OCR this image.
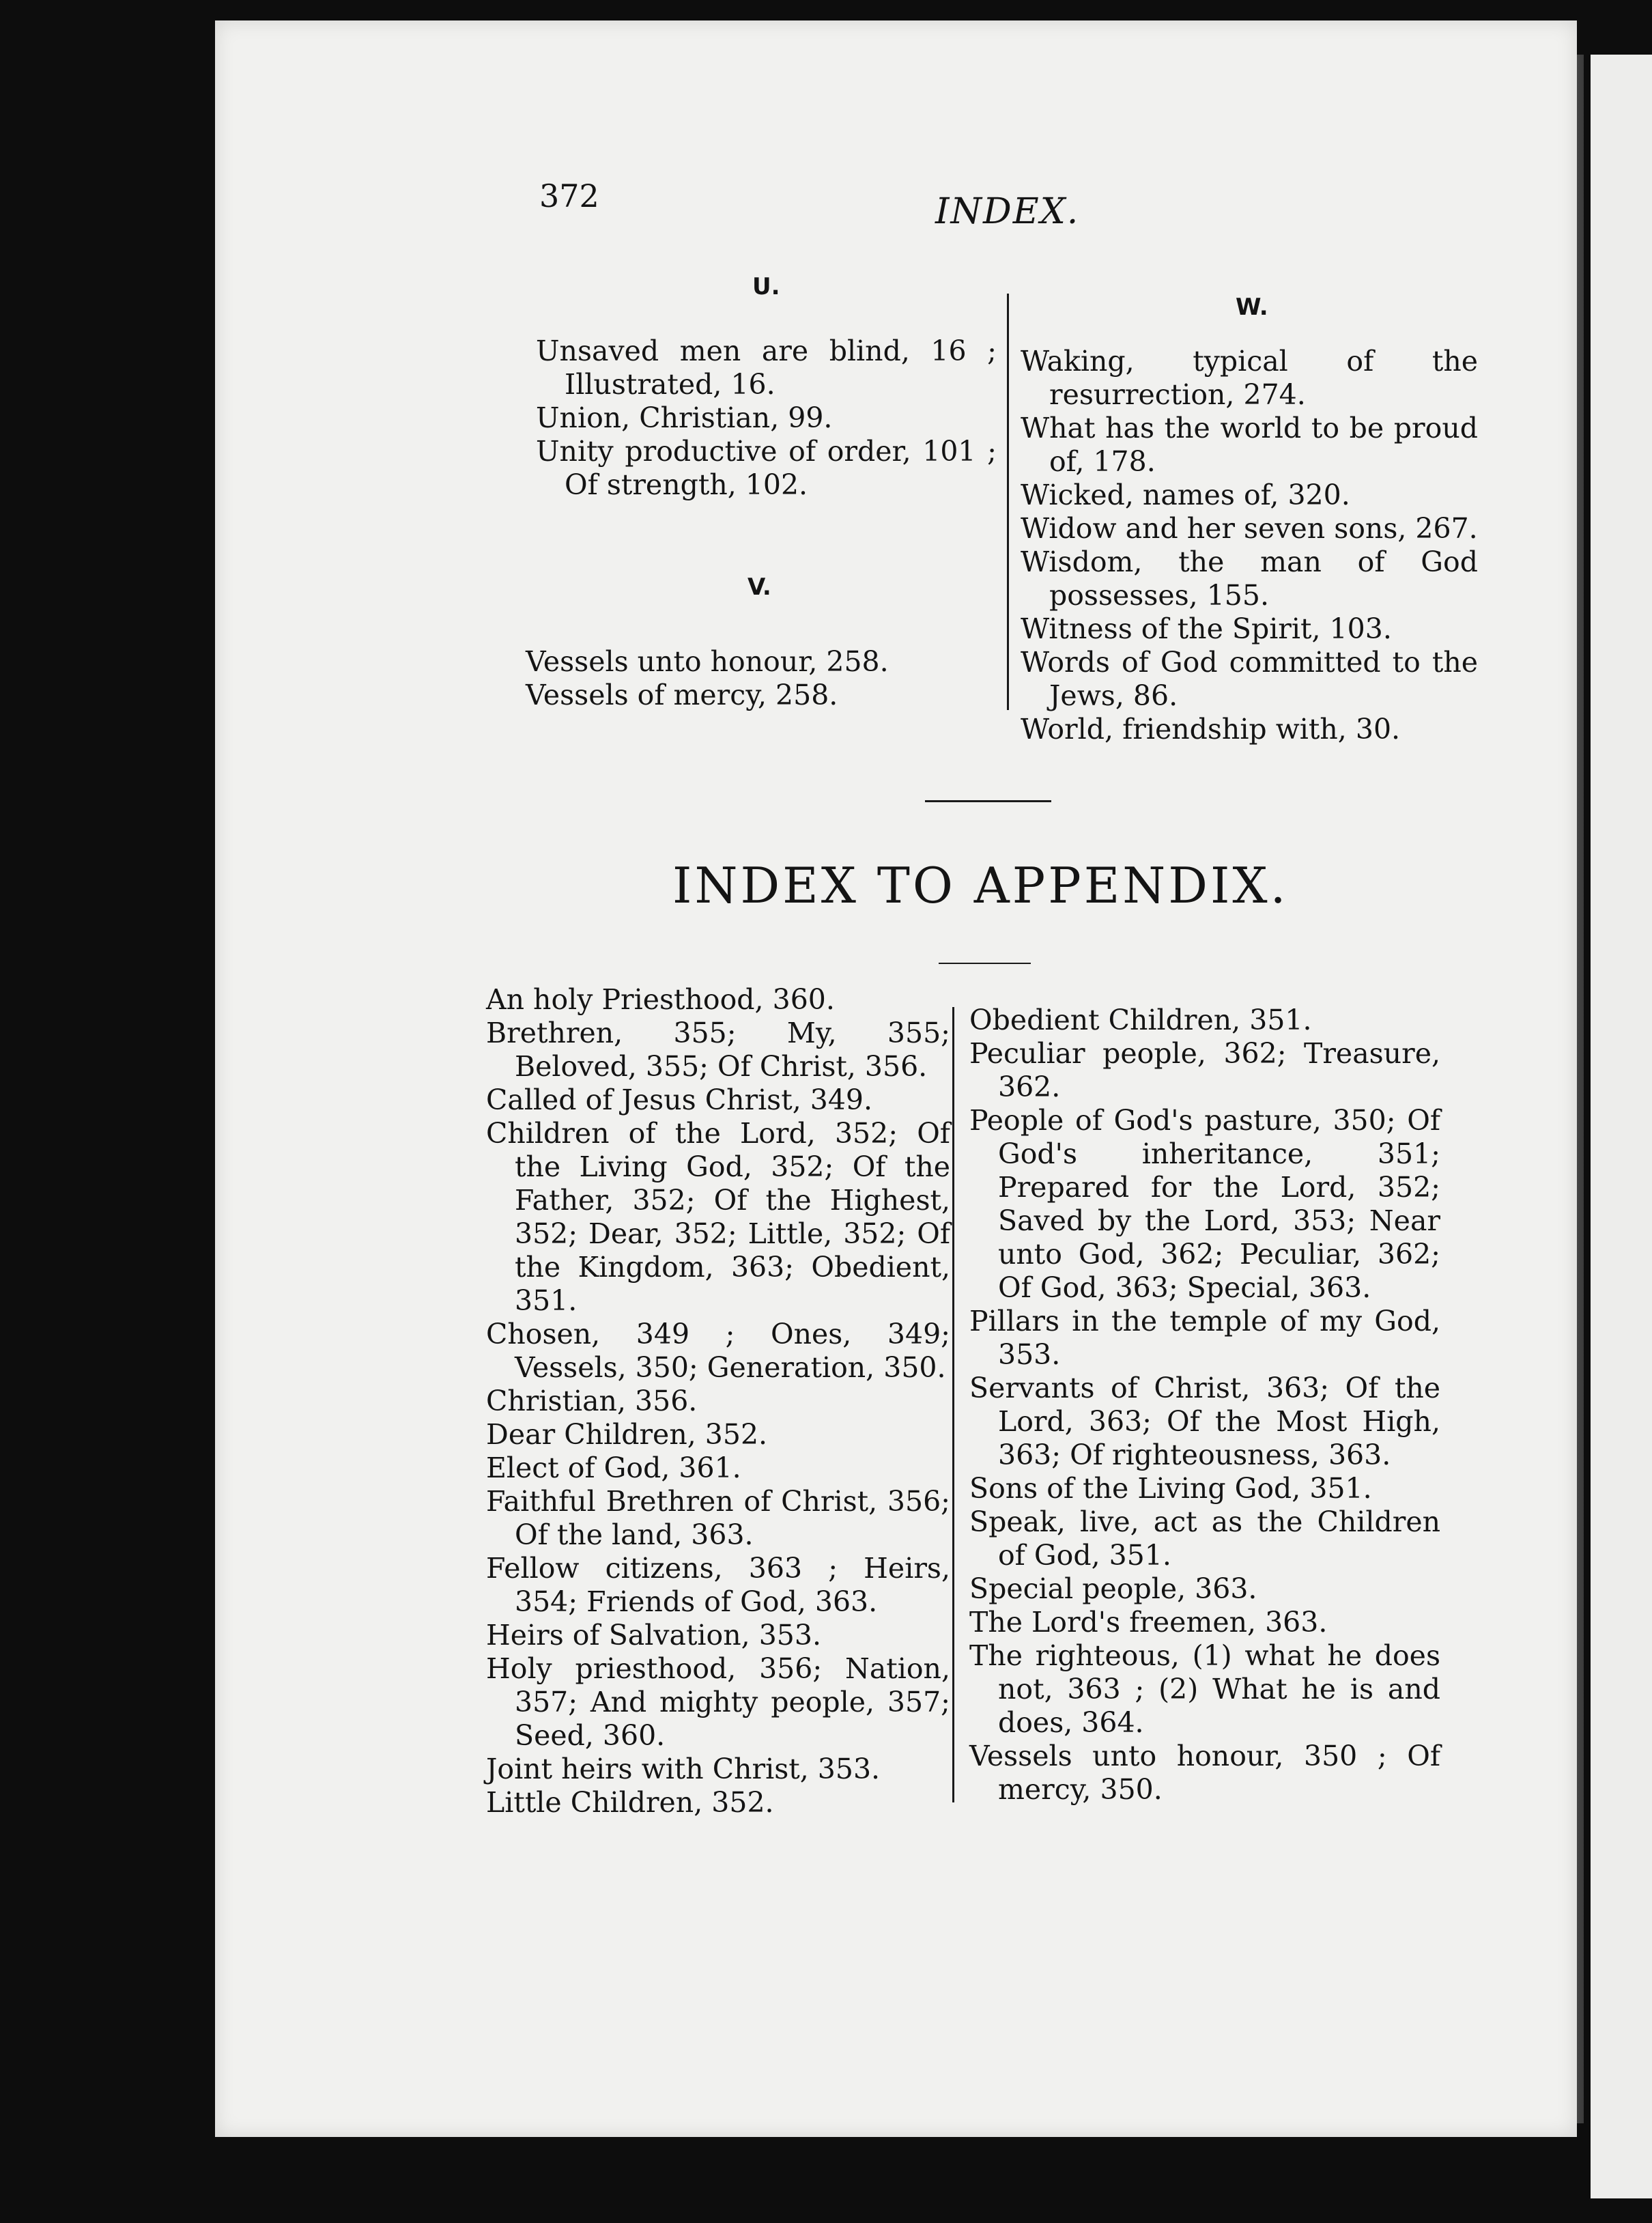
372	INDEX.
U.

Unsaved men are blind, 16 ; Illustrated, 16.

Union, Christian, 99.

Unity productive of order, 101 ; Of strength, 102.

V.

Vessels unto honour, 258.

Vessels of mercy, 258.

W.

Waking, typical of the resurrection, 274.

What has the world to be proud of, 178.

Wicked, names of, 320.

Widow and her seven sons, 267.

Wisdom, the man of God possesses, 155.

Witness of the Spirit, 103.

Words of God committed to the Jews, 86.

World, friendship with, 30.

INDEX TO APPENDIX.

An holy Priesthood, 360.

Brethren, 355; My, 355; Beloved, 355; Of Christ, 356.

Called of Jesus Christ, 349.

Children of the Lord, 352; Of the Living God, 352; Of the Father, 352; Of the Highest, 352; Dear, 352; Little, 352; Of the Kingdom, 363; Obedient, 351.

Chosen, 349 ; Ones, 349; Vessels, 350; Generation, 350.

Christian, 356.

Dear Children, 352.

Elect of God, 361.

Faithful Brethren of Christ, 356; Of the land, 363.

Fellow citizens, 363 ; Heirs, 354; Friends of God, 363.

Heirs of Salvation, 353.

Holy priesthood, 356; Nation, 357; And mighty people, 357; Seed, 360.

Joint heirs with Christ, 353.

Little Children, 352.

Obedient Children, 351.

Peculiar people, 362; Treasure, 362.

People of God's pasture, 350; Of God's inheritance, 351; Prepared for the Lord, 352; Saved by the Lord, 353; Near unto God, 362; Peculiar, 362; Of God, 363; Special, 363.

Pillars in the temple of my God, 353.

Servants of Christ, 363; Of the Lord, 363; Of the Most High, 363; Of righteousness, 363.

Sons of the Living God, 351.

Speak, live, act as the Children of God, 351.

Special people, 363.

The Lord's freemen, 363.

The righteous, (1) what he does not, 363 ; (2) What he is and does, 364.

Vessels unto honour, 350 ; Of mercy, 350.
